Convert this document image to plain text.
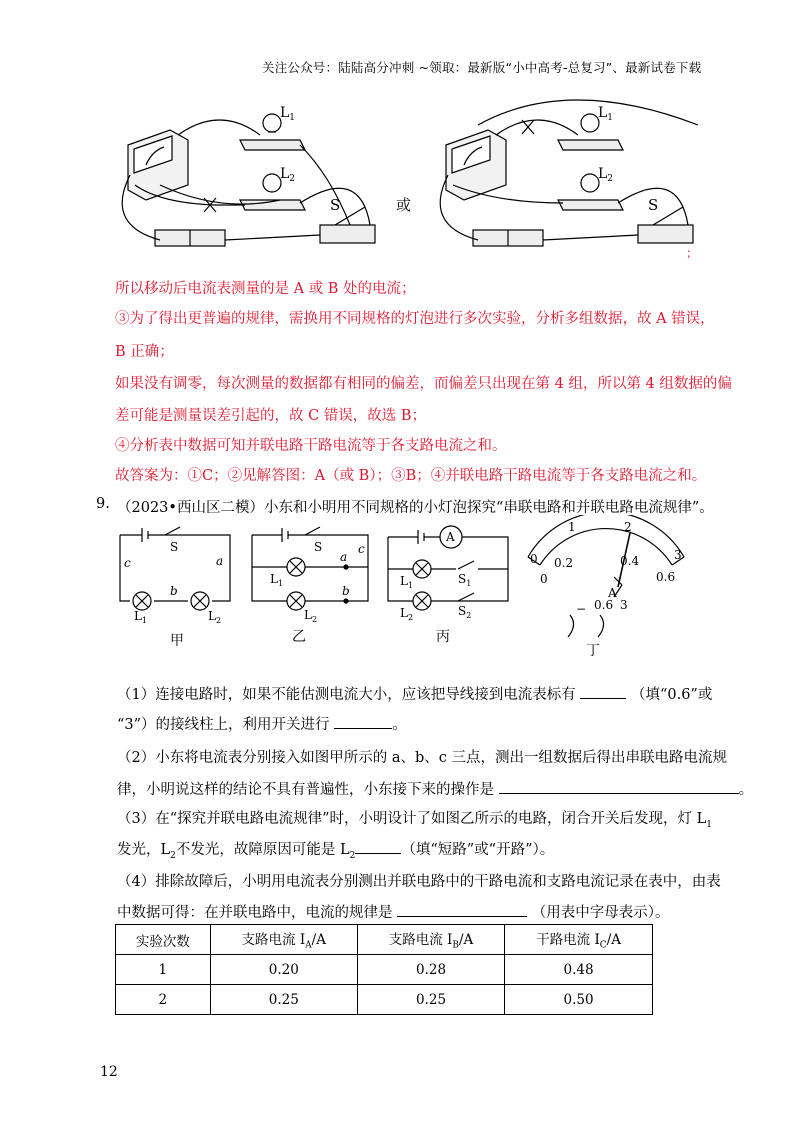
关注公众号：陆陆高分冲刺 ~领取：最新版“小中高考-总复习”、最新试卷下载
$L_1$
$L_2$
S	或
$L_1$
$L_2$
S
；
所以移动后电流表测量的是 A 或 B 处的电流；
③为了得出更普遍的规律，需换用不同规格的灯泡进行多次实验，分析多组数据，故 A 错误，
B 正确；
如果没有调零，每次测量的数据都有相同的偏差，而偏差只出现在第 4 组，所以第 4 组数据的偏
差可能是测量误差引起的，故 C 错误，故选 B；
④分析表中数据可知并联电路干路电流等于各支路电流之和。
故答案为：①C；②见解答图：A（或 B）；③B；④并联电路干路电流等于各支路电流之和。
9. （2023•西山区二模）小东和小明用不同规格的小灯泡探究“串联电路和并联电路电流规律”。
S
c	a
b
$L_1$	$L_2$
甲
S
a
c
b
$L_1$
$L_2$
乙
A
$L_1$
$L_2$
$S_1$
$S_2$
丙
0
1	2
3
0.2	0.4
0.6
0
A
− 0.6 3
丁
（1）连接电路时，如果不能估测电流大小，应该把导线接到电流表标有	（填“0.6”或
“3”）的接线柱上，利用开关进行	。
（2）小东将电流表分别接入如图甲所示的 a、b、c 三点，测出一组数据后得出串联电路电流规
律，小明说这样的结论不具有普遍性，小东接下来的操作是	。
（3）在“探究并联电路电流规律”时，小明设计了如图乙所示的电路，闭合开关后发现，灯 $L_1$
发光，$L_2$不发光，故障原因可能是 $L_2$	（填“短路”或“开路”）。
（4）排除故障后，小明用电流表分别测出并联电路中的干路电流和支路电流记录在表中，由表
中数据可得：在并联电路中，电流的规律是	（用表中字母表示）。
实验次数	支路电流 $I_A/A$	支路电流 $I_B/A$	干路电流 $I_C/A$
1	0.20	0.28	0.48
2	0.25	0.25	0.50
12
